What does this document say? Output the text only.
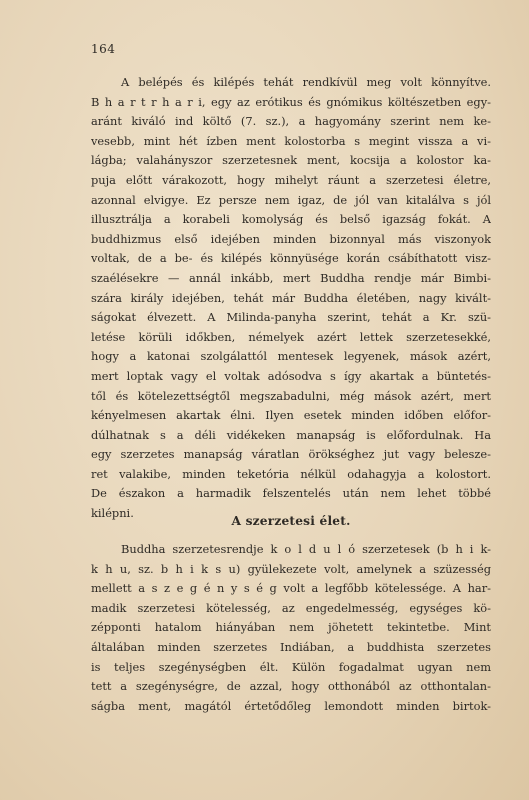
164
A belépés és kilépés tehát rendkívül meg volt könnyítve.
B h a r t r h a r i, egy az erótikus és gnómikus költészetben egy-
aránt kiváló ind költő (7. sz.), a hagyomány szerint nem ke-
vesebb, mint hét ízben ment kolostorba s megint vissza a vi-
lágba; valahányszor szerzetesnek ment, kocsija a kolostor ka-
puja előtt várakozott, hogy mihelyt ráunt a szerzetesi életre,
azonnal elvigye. Ez persze nem igaz, de jól van kitalálva s jól
illusztrálja a korabeli komolyság és belső igazság fokát. A
buddhizmus első idejében minden bizonnyal más viszonyok
voltak, de a be- és kilépés könnyüsége korán csábíthatott visz-
szaélésekre — annál inkább, mert Buddha rendje már Bimbi-
szára király idejében, tehát már Buddha életében, nagy kivált-
ságokat élvezett. A Milinda-panyha szerint, tehát a Kr. szü-
letése körüli időkben, némelyek azért lettek szerzetesekké,
hogy a katonai szolgálattól mentesek legyenek, mások azért,
mert loptak vagy el voltak adósodva s így akartak a büntetés-
től és kötelezettségtől megszabadulni, még mások azért, mert
kényelmesen akartak élni. Ilyen esetek minden időben előfor-
dúlhatnak s a déli vidékeken manapság is előfordulnak. Ha
egy szerzetes manapság váratlan örökséghez jut vagy belesze-
ret valakibe, minden teketória nélkül odahagyja a kolostort.
De északon a harmadik felszentelés után nem lehet többé
kilépni.
A szerzetesi élet.
Buddha szerzetesrendje k o l d u l ó szerzetesek (b h i k-
k h u, sz. b h i k s u) gyülekezete volt, amelynek a szüzesség
mellett a s z e g é n y s é g volt a legfőbb kötelessége. A har-
madik szerzetesi kötelesség, az engedelmesség, egységes kö-
zépponti hatalom hiányában nem jöhetett tekintetbe. Mint
általában minden szerzetes Indiában, a buddhista szerzetes
is teljes szegénységben élt. Külön fogadalmat ugyan nem
tett a szegénységre, de azzal, hogy otthonából az otthontalan-
ságba ment, magától értetődőleg lemondott minden birtok-
